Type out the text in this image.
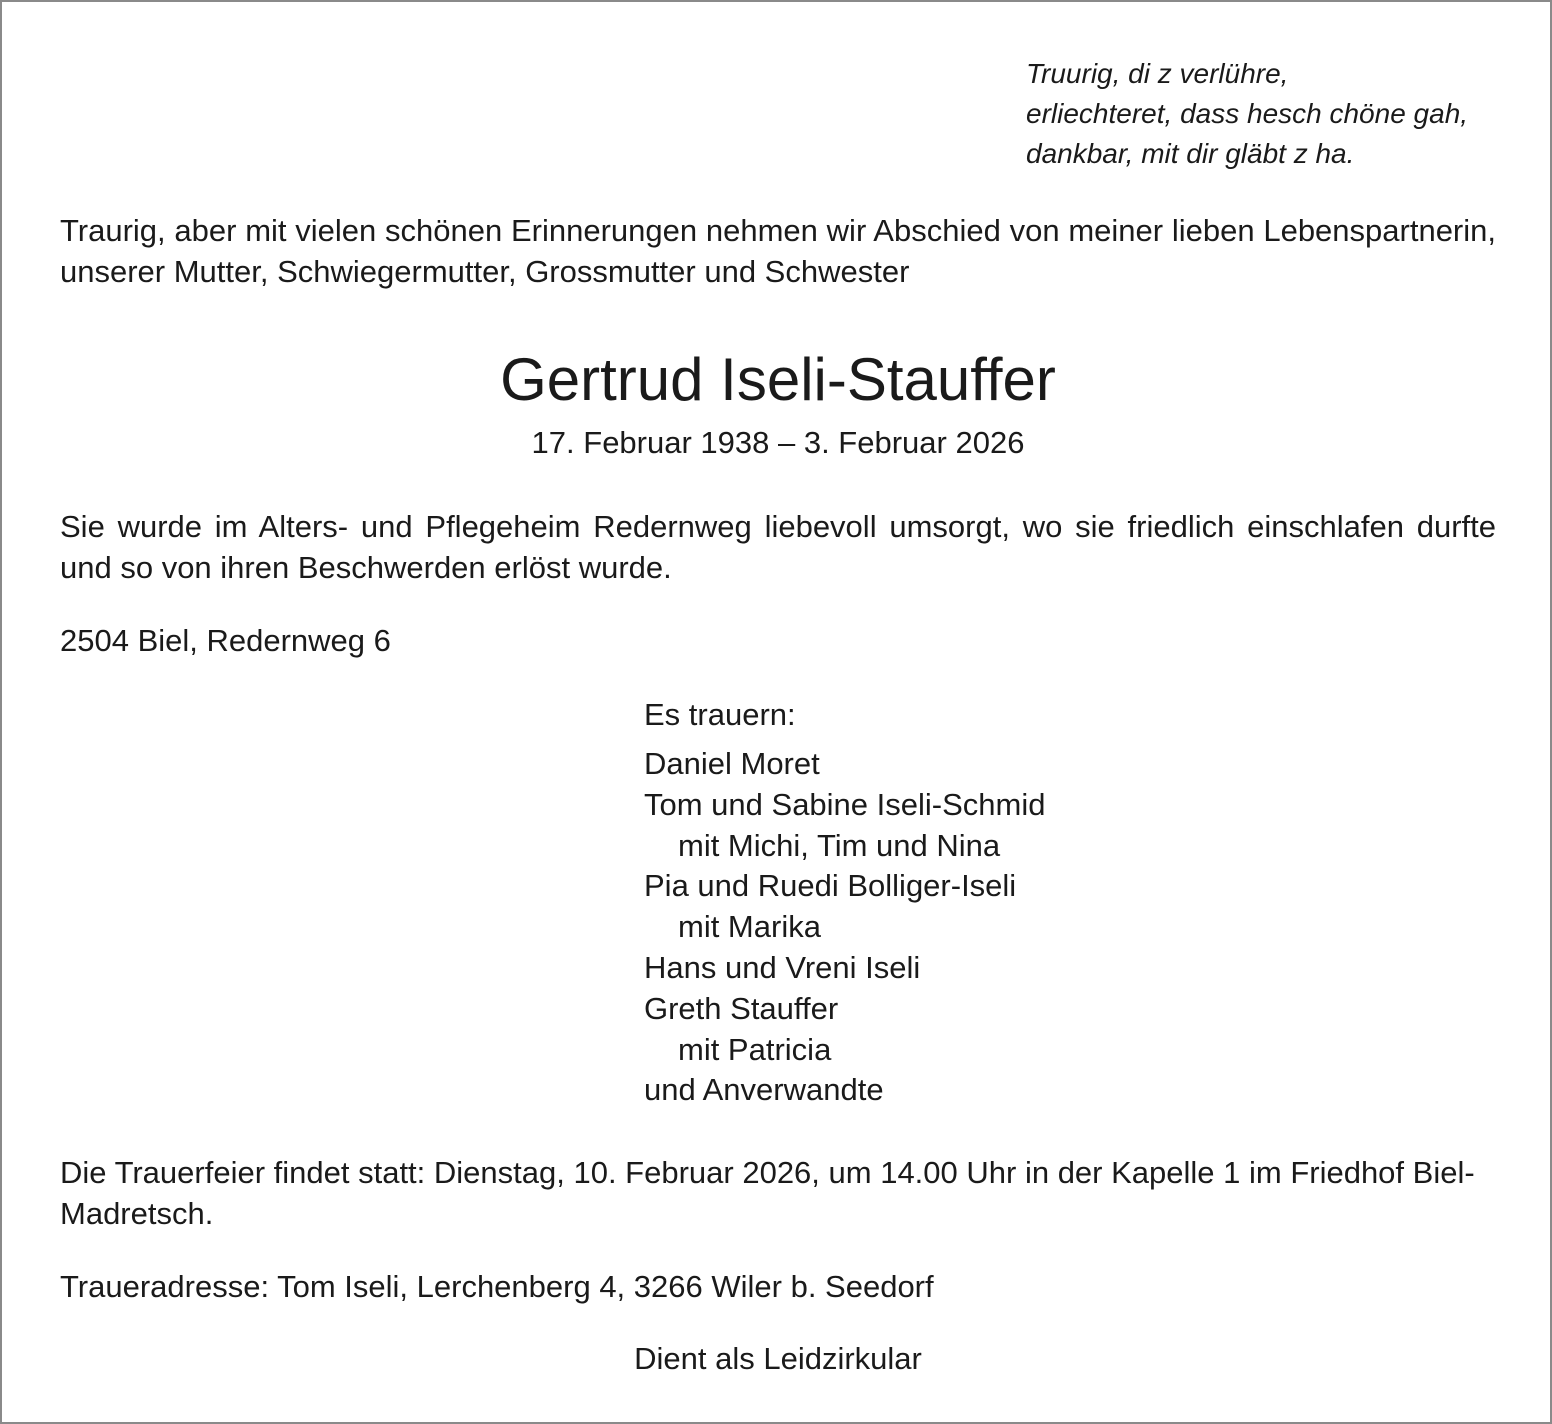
Truurig, di z verlühre,
erliechteret, dass hesch chöne gah,
dankbar, mit dir gläbt z ha.
Traurig, aber mit vielen schönen Erinnerungen nehmen wir Abschied von meiner lieben Lebenspartnerin, unserer Mutter, Schwiegermutter, Grossmutter und Schwester
Gertrud Iseli-Stauffer
17. Februar 1938 – 3. Februar 2026
Sie wurde im Alters- und Pflegeheim Redernweg liebevoll umsorgt, wo sie friedlich einschlafen durfte und so von ihren Beschwerden erlöst wurde.
2504 Biel, Redernweg 6
Es trauern:
Daniel Moret
Tom und Sabine Iseli-Schmid
mit Michi, Tim und Nina
Pia und Ruedi Bolliger-Iseli
mit Marika
Hans und Vreni Iseli
Greth Stauffer
mit Patricia
und Anverwandte
Die Trauerfeier findet statt: Dienstag, 10. Februar 2026, um 14.00 Uhr in der Kapelle 1 im Friedhof Biel-Madretsch.
Traueradresse: Tom Iseli, Lerchenberg 4, 3266 Wiler b. Seedorf
Dient als Leidzirkular
